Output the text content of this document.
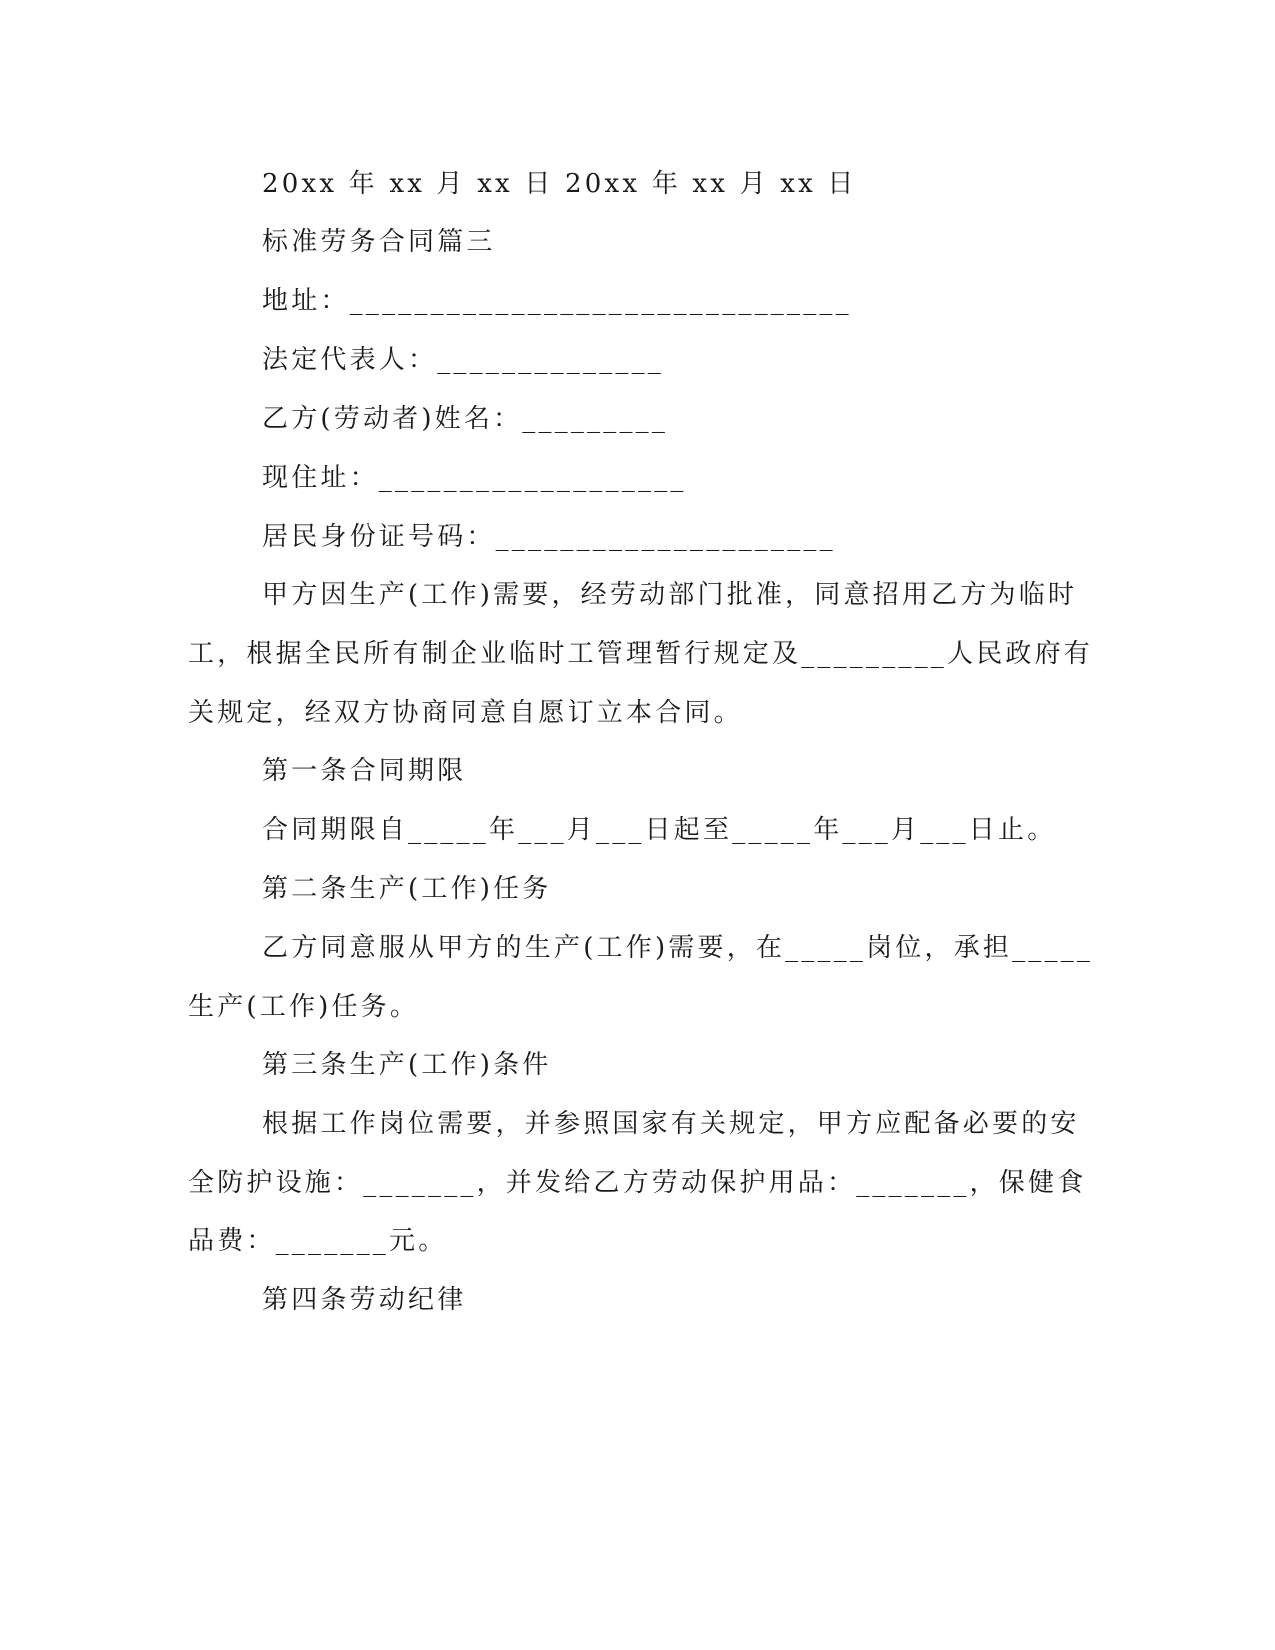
20xx 年 xx 月 xx 日 20xx 年 xx 月 xx 日
标准劳务合同篇三
地址：_______________________________
法定代表人：______________
乙方(劳动者)姓名：_________
现住址：___________________
居民身份证号码：_____________________
甲方因生产(工作)需要，经劳动部门批准，同意招用乙方为临时
工，根据全民所有制企业临时工管理暂行规定及_________人民政府有
关规定，经双方协商同意自愿订立本合同。
第一条合同期限
合同期限自_____年___月___日起至_____年___月___日止。
第二条生产(工作)任务
乙方同意服从甲方的生产(工作)需要，在_____岗位，承担_____
生产(工作)任务。
第三条生产(工作)条件
根据工作岗位需要，并参照国家有关规定，甲方应配备必要的安
全防护设施：_______，并发给乙方劳动保护用品：_______，保健食
品费：_______元。
第四条劳动纪律
